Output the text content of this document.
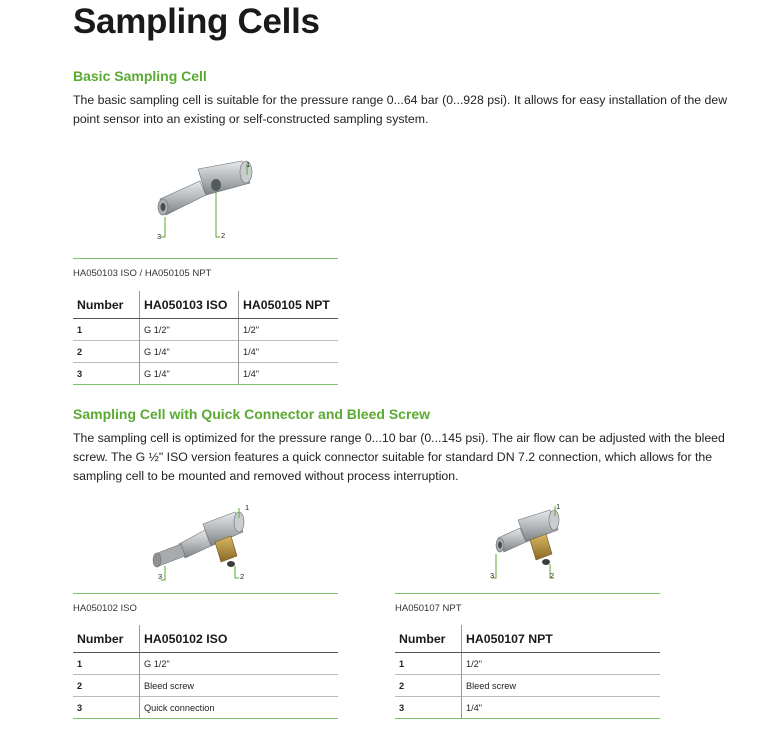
Sampling Cells
Basic Sampling Cell

The basic sampling cell is suitable for the pressure range 0...64 bar (0...928 psi). It allows for easy installation of the dew point sensor into an existing or self-constructed sampling system.

1
2
3
HA050103 ISO / HA050105 NPT
Number	HA050103 ISO	HA050105 NPT
1	G 1/2"	1/2"
2	G 1/4"	1/4"
3	G 1/4"	1/4"
Sampling Cell with Quick Connector and Bleed Screw

The sampling cell is optimized for the pressure range 0...10 bar (0...145 psi). The air flow can be adjusted with the bleed screw. The G ½" ISO version features a quick connector suitable for standard DN 7.2 connection, which allows for the sampling cell to be mounted and removed without process interruption.

1
2
3
HA050102 ISO
Number	HA050102 ISO
1	G 1/2"
2	Bleed screw
3	Quick connection
1
2
3
HA050107 NPT
Number	HA050107 NPT
1	1/2"
2	Bleed screw
3	1/4"
